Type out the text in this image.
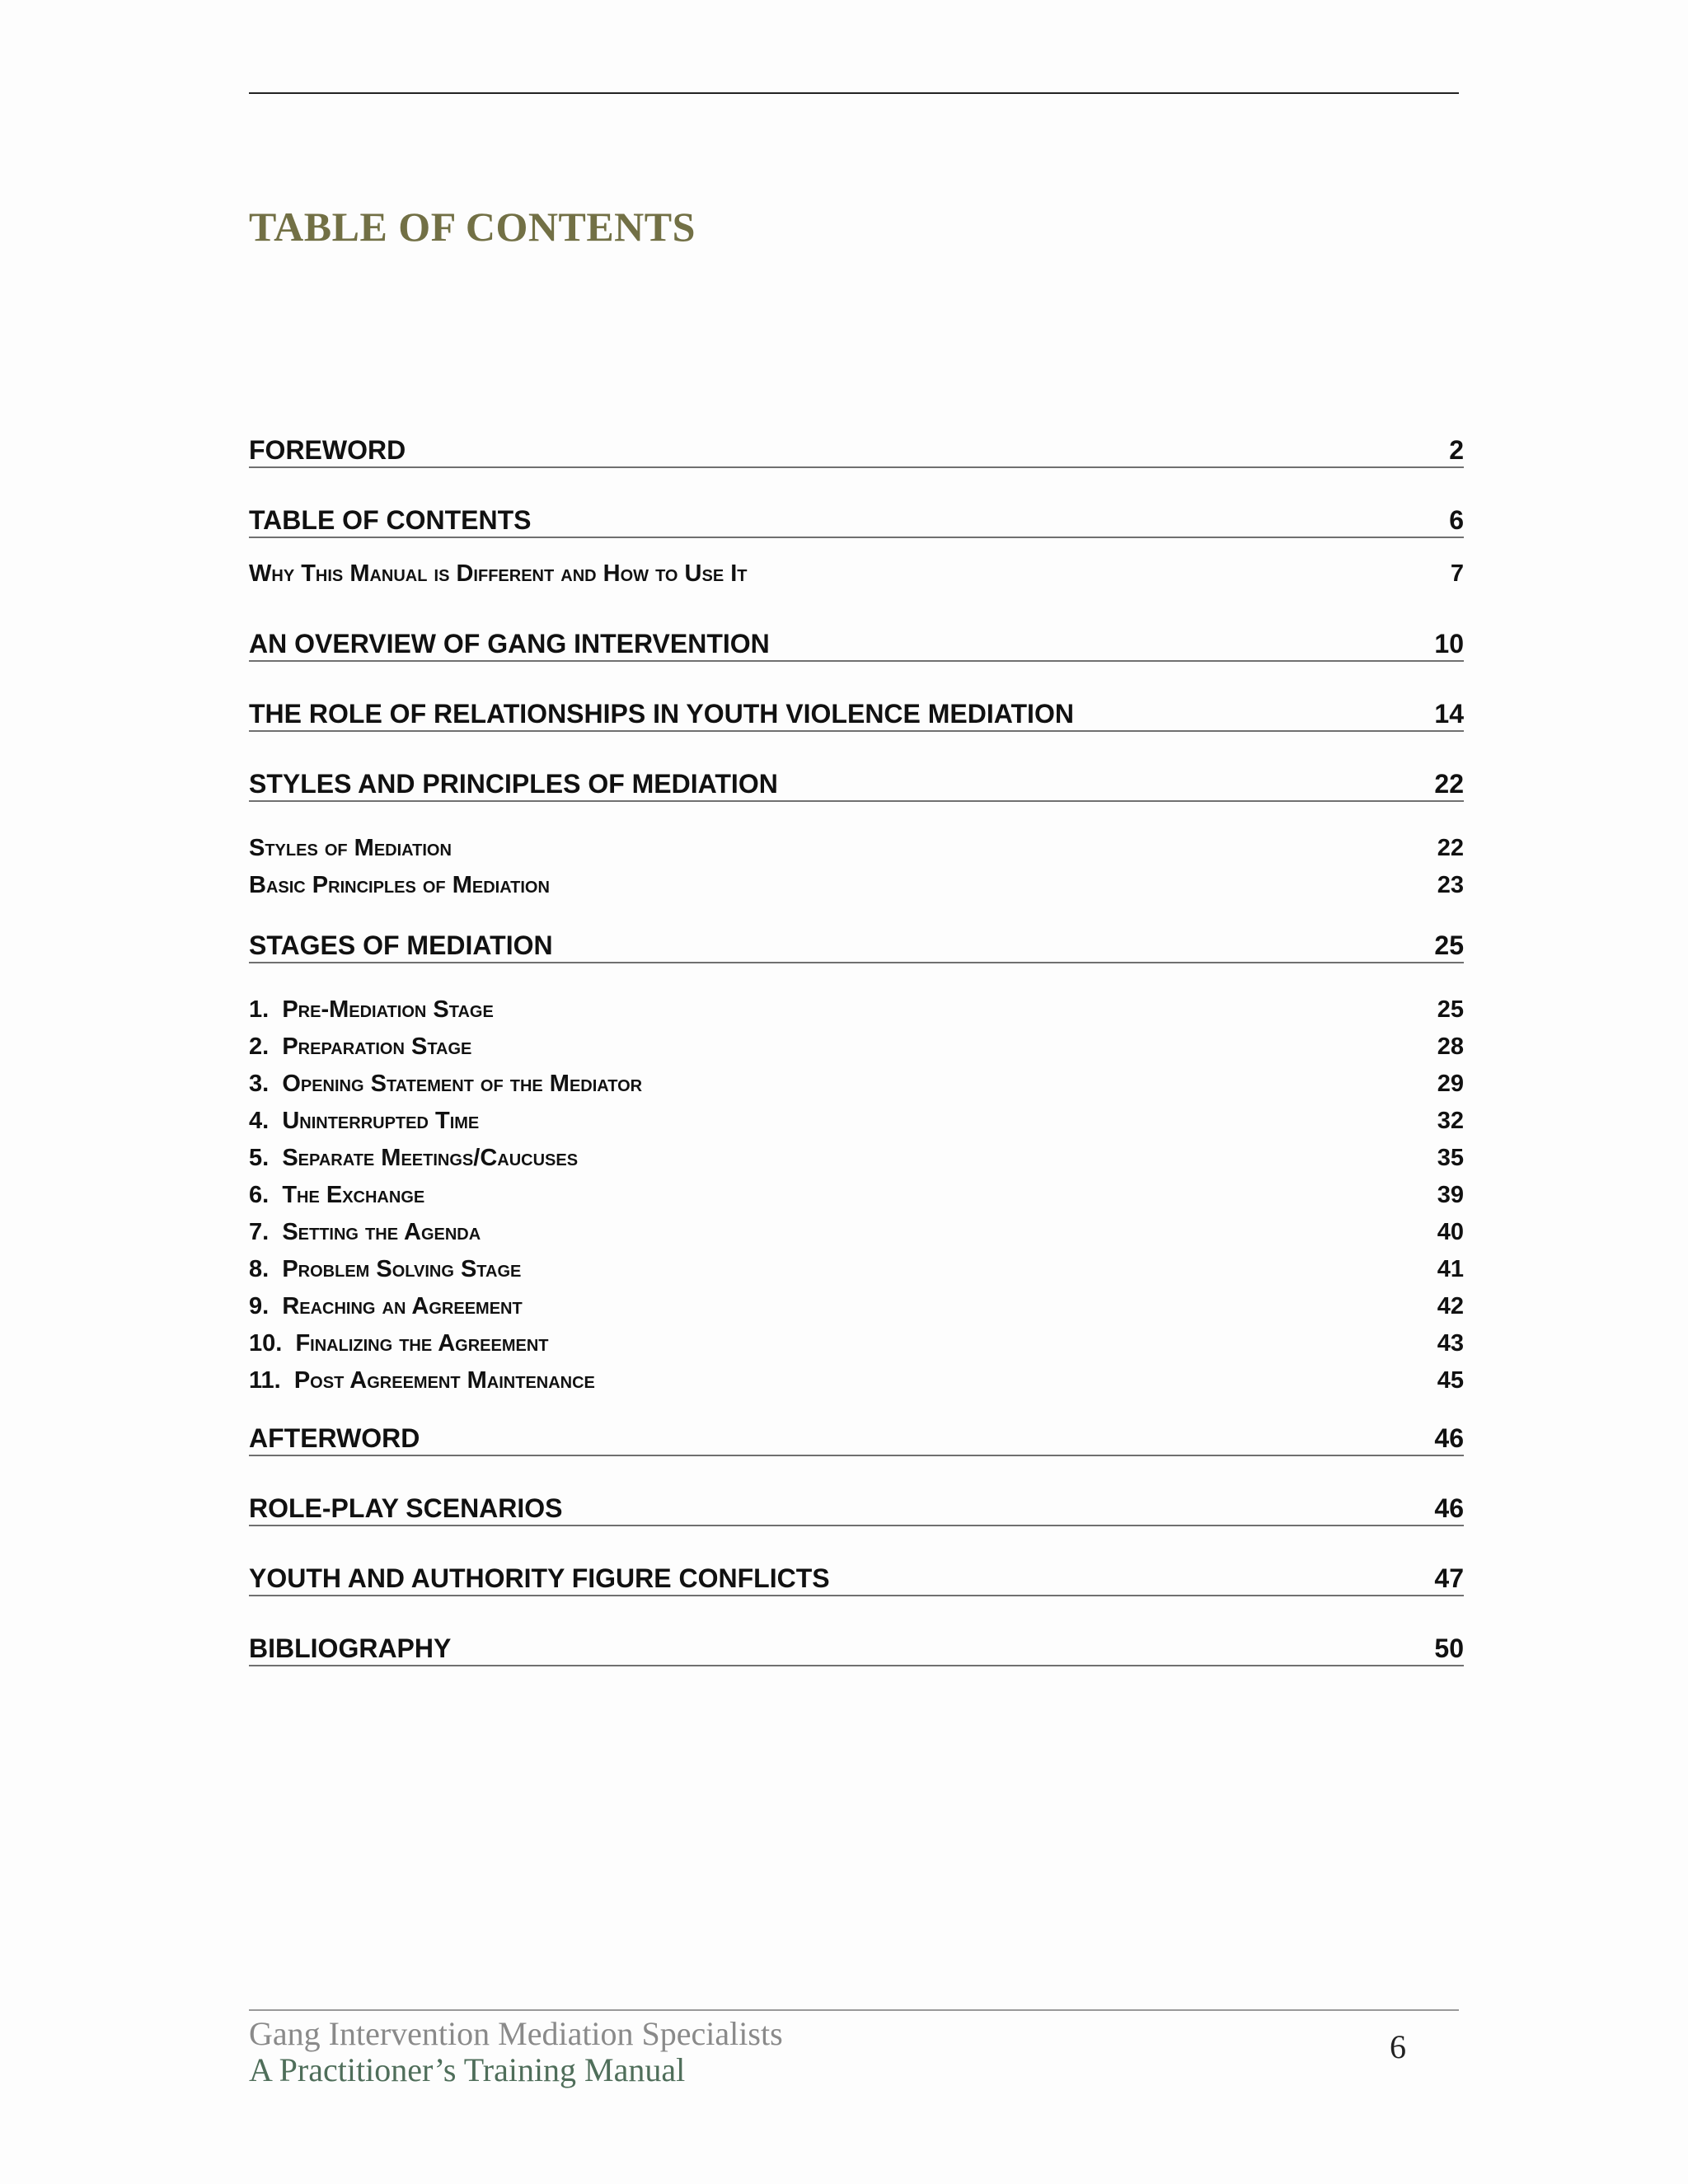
TABLE OF CONTENTS
FOREWORD	2
TABLE OF CONTENTS	6
Why This Manual is Different and How to Use It	7
AN OVERVIEW OF GANG INTERVENTION	10
THE ROLE OF RELATIONSHIPS IN YOUTH VIOLENCE MEDIATION	14
STYLES AND PRINCIPLES OF MEDIATION	22
Styles of Mediation	22
Basic Principles of Mediation	23
STAGES OF MEDIATION	25
1. Pre-Mediation Stage	25
2. Preparation Stage	28
3. Opening Statement of the Mediator	29
4. Uninterrupted Time	32
5. Separate Meetings/Caucuses	35
6. The Exchange	39
7. Setting the Agenda	40
8. Problem Solving Stage	41
9. Reaching an Agreement	42
10. Finalizing the Agreement	43
11. Post Agreement Maintenance	45
AFTERWORD	46
ROLE-PLAY SCENARIOS	46
YOUTH AND AUTHORITY FIGURE CONFLICTS	47
BIBLIOGRAPHY	50
Gang Intervention Mediation Specialists
A Practitioner’s Training Manual
6
